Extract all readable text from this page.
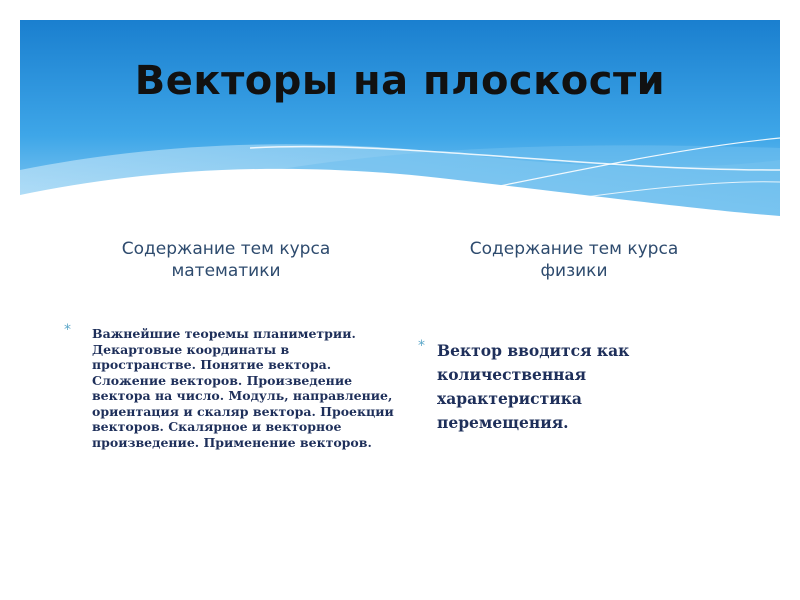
Векторы на плоскости
Содержание тем курса
математики
Содержание тем курса
физики
* Важнейшие теоремы планиметрии. Декартовые координаты в пространстве. Понятие вектора. Сложение векторов. Произведение вектора на число. Модуль, направление, ориентация и скаляр вектора. Проекции векторов. Скалярное и векторное произведение. Применение векторов.
* Вектор вводится как количественная характеристика перемещения.
